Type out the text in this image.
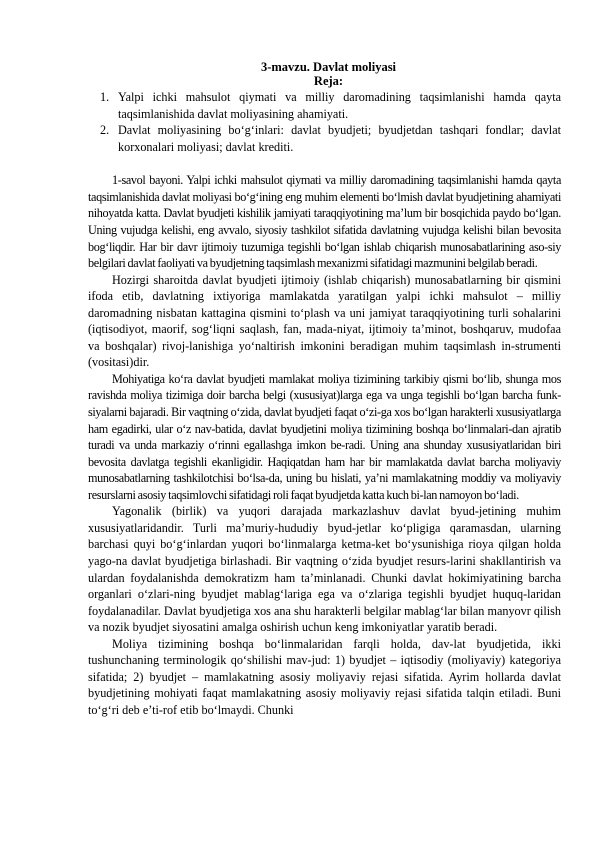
3-mavzu. Davlat moliyasi
Reja:
1. Yalpi ichki mahsulot qiymati va milliy daromadining taqsimlanishi hamda qayta taqsimlanishida davlat moliyasining ahamiyati.
2. Davlat moliyasining bo‘g‘inlari: davlat byudjeti; byudjetdan tashqari fondlar; davlat korxonalari moliyasi; davlat krediti.

1-savol bayoni. Yalpi ichki mahsulot qiymati va milliy daromadining taqsimlanishi hamda qayta taqsimlanishida davlat moliyasi bo‘g‘ining eng muhim elementi bo‘lmish davlat byudjetining ahamiyati nihoyatda katta. Davlat byudjeti kishilik jamiyati taraqqiyotining ma’lum bir bosqichida paydo bo‘lgan. Uning vujudga kelishi, eng avvalo, siyosiy tashkilot sifatida davlatning vujudga kelishi bilan bevosita bog‘liqdir. Har bir davr ijtimoiy tuzumiga tegishli bo‘lgan ishlab chiqarish munosabatlarining aso-siy belgilari davlat faoliyati va byudjetning taqsimlash mexanizmi sifatidagi mazmunini belgilab beradi.

Hozirgi sharoitda davlat byudjeti ijtimoiy (ishlab chiqarish) munosabatlarning bir qismini ifoda etib, davlatning ixtiyoriga mamlakatda yaratilgan yalpi ichki mahsulot – milliy daromadning nisbatan kattagina qismini to‘plash va uni jamiyat taraqqiyotining turli sohalarini (iqtisodiyot, maorif, sog‘liqni saqlash, fan, mada-niyat, ijtimoiy ta’minot, boshqaruv, mudofaa va boshqalar) rivoj-lanishiga yo‘naltirish imkonini beradigan muhim taqsimlash in-strumenti (vositasi)dir.

Mohiyatiga ko‘ra davlat byudjeti mamlakat moliya tizimining tarkibiy qismi bo‘lib, shunga mos ravishda moliya tizimiga doir barcha belgi (xususiyat)larga ega va unga tegishli bo‘lgan barcha funk-siyalarni bajaradi. Bir vaqtning o‘zida, davlat byudjeti faqat o‘zi-ga xos bo‘lgan harakterli xususiyatlarga ham egadirki, ular o‘z nav-batida, davlat byudjetini moliya tizimining boshqa bo‘linmalari-dan ajratib turadi va unda markaziy o‘rinni egallashga imkon be-radi. Uning ana shunday xususiyatlaridan biri bevosita davlatga tegishli ekanligidir. Haqiqatdan ham har bir mamlakatda davlat barcha moliyaviy munosabatlarning tashkilotchisi bo‘lsa-da, uning bu hislati, ya’ni mamlakatning moddiy va moliyaviy resurslarni asosiy taqsimlovchi sifatidagi roli faqat byudjetda katta kuch bi-lan namoyon bo‘ladi.

Yagonalik (birlik) va yuqori darajada markazlashuv davlat byud-jetining muhim xususiyatlaridandir. Turli ma’muriy-hududiy byud-jetlar ko‘pligiga qaramasdan, ularning barchasi quyi bo‘g‘inlardan yuqori bo‘linmalarga ketma-ket bo‘ysunishiga rioya qilgan holda yago-na davlat byudjetiga birlashadi. Bir vaqtning o‘zida byudjet resurs-larini shakllantirish va ulardan foydalanishda demokratizm ham ta’minlanadi. Chunki davlat hokimiyatining barcha organlari o‘zlari-ning byudjet mablag‘lariga ega va o‘zlariga tegishli byudjet huquq-laridan foydalanadilar. Davlat byudjetiga xos ana shu harakterli belgilar mablag‘lar bilan manyovr qilish va nozik byudjet siyosatini amalga oshirish uchun keng imkoniyatlar yaratib beradi.

Moliya tizimining boshqa bo‘linmalaridan farqli holda, dav-lat byudjetida, ikki tushunchaning terminologik qo‘shilishi mav-jud: 1) byudjet – iqtisodiy (moliyaviy) kategoriya sifatida; 2) byudjet – mamlakatning asosiy moliyaviy rejasi sifatida. Ayrim hollarda davlat byudjetining mohiyati faqat mamlakatning asosiy moliyaviy rejasi sifatida talqin etiladi. Buni to‘g‘ri deb e’ti-rof etib bo‘lmaydi. Chunki
